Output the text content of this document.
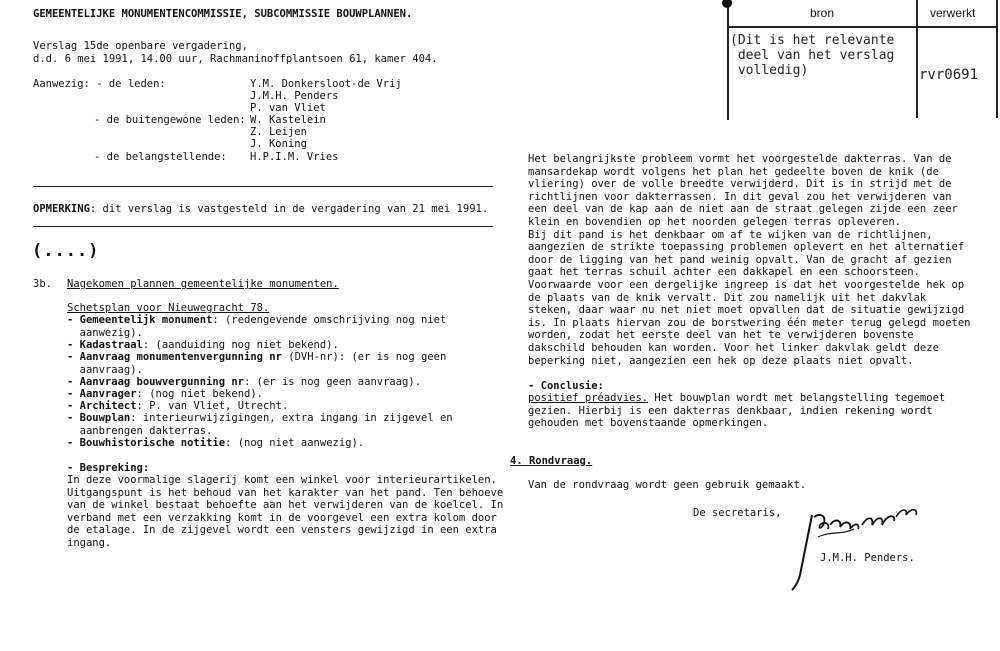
GEMEENTELIJKE MONUMENTENCOMMISSIE, SUBCOMMISSIE BOUWPLANNEN.
Verslag 15de openbare vergadering,
d.d. 6 mei 1991, 14.00 uur, Rachmaninoffplantsoen 61, kamer 404.
bron	verwerkt
(Dit is het relevante
deel van het verslag
volledig)	rvr0691
Aanwezig: - de leden:	Y.M. Donkersloot-de Vrij
J.M.H. Penders
P. van Vliet
- de buitengewone leden: W. Kastelein
Z. Leijen
J. Koning
- de belangstellende: H.P.I.M. Vries
OPMERKING: dit verslag is vastgesteld in de vergadering van 21 mei 1991.
(....)
3b. Nagekomen plannen gemeentelijke monumenten.
Schetsplan voor Nieuwegracht 78.
- Gemeentelijk monument: (redengevende omschrijving nog niet
aanwezig).
- Kadastraal: (aanduiding nog niet bekend).
- Aanvraag monumentenvergunning nr (DVH-nr): (er is nog geen
aanvraag).
- Aanvraag bouwvergunning nr: (er is nog geen aanvraag).
- Aanvrager: (nog niet bekend).
- Architect: P. van Vliet, Utrecht.
- Bouwplan: interieurwijzigingen, extra ingang in zijgevel en
aanbrengen dakterras.
- Bouwhistorische notitie: (nog niet aanwezig).
- Bespreking:
In deze voormalige slagerij komt een winkel voor interieurartikelen.
Uitgangspunt is het behoud van het karakter van het pand. Ten behoeve
van de winkel bestaat behoefte aan het verwijderen van de koelcel. In
verband met een verzakking komt in de voorgevel een extra kolom door
de etalage. In de zijgevel wordt een vensters gewijzigd in een extra
ingang.
Het belangrijkste probleem vormt het voorgestelde dakterras. Van de
mansardekap wordt volgens het plan het gedeelte boven de knik (de
vliering) over de volle breedte verwijderd. Dit is in strijd met de
richtlijnen voor dakterrassen. In dit geval zou het verwijderen van
een deel van de kap aan de niet aan de straat gelegen zijde een zeer
klein en bovendien op het noorden gelegen terras opleveren.
Bij dit pand is het denkbaar om af te wijken van de richtlijnen,
aangezien de strikte toepassing problemen oplevert en het alternatief
door de ligging van het pand weinig opvalt. Van de gracht af gezien
gaat het terras schuil achter een dakkapel en een schoorsteen.
Voorwaarde voor een dergelijke ingreep is dat het voorgestelde hek op
de plaats van de knik vervalt. Dit zou namelijk uit het dakvlak
steken, daar waar nu net niet moet opvallen dat de situatie gewijzigd
is. In plaats hiervan zou de borstwering één meter terug gelegd moeten
worden, zodat het eerste deel van het te verwijderen bovenste
dakschild behouden kan worden. Voor het linker dakvlak geldt deze
beperking niet, aangezien een hek op deze plaats niet opvalt.
- Conclusie:
positief préadvies. Het bouwplan wordt met belangstelling tegemoet
gezien. Hierbij is een dakterras denkbaar, indien rekening wordt
gehouden met bovenstaande opmerkingen.
4. Rondvraag.
Van de rondvraag wordt geen gebruik gemaakt.
De secretaris,
J.M.H. Penders.
